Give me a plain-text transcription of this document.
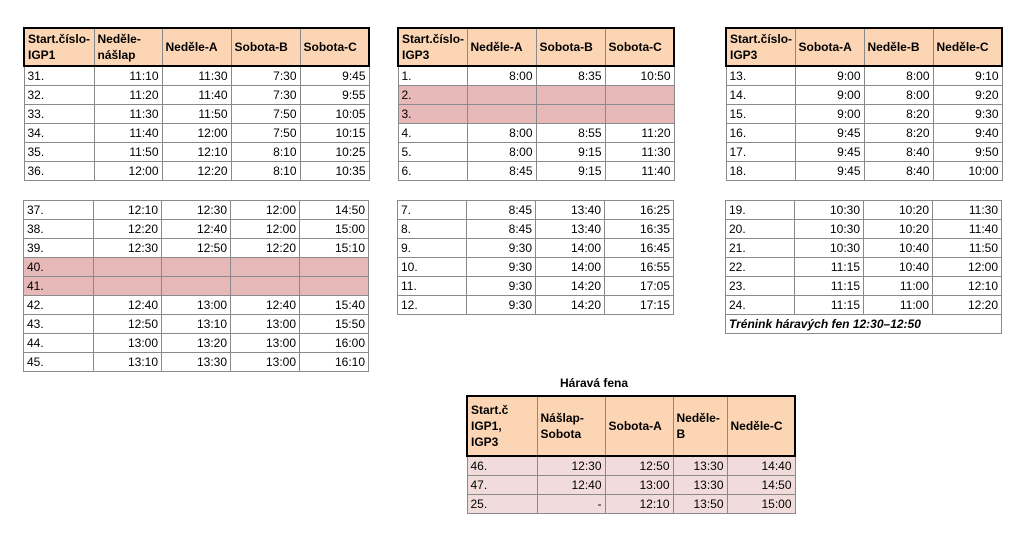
Start.číslo-
IGP1	Neděle-
nášlap	Neděle-A	Sobota-B	Sobota-C
31.	11:10	11:30	7:30	9:45
32.	11:20	11:40	7:30	9:55
33.	11:30	11:50	7:50	10:05
34.	11:40	12:00	7:50	10:15
35.	11:50	12:10	8:10	10:25
36.	12:00	12:20	8:10	10:35
Start.číslo-
IGP3	Neděle-A	Sobota-B	Sobota-C
1.	8:00	8:35	10:50
2.			
3.			
4.	8:00	8:55	11:20
5.	8:00	9:15	11:30
6.	8:45	9:15	11:40
Start.číslo-
IGP3	Sobota-A	Neděle-B	Neděle-C
13.	9:00	8:00	9:10
14.	9:00	8:00	9:20
15.	9:00	8:20	9:30
16.	9:45	8:20	9:40
17.	9:45	8:40	9:50
18.	9:45	8:40	10:00
37.	12:10	12:30	12:00	14:50
38.	12:20	12:40	12:00	15:00
39.	12:30	12:50	12:20	15:10
40.				
41.				
42.	12:40	13:00	12:40	15:40
43.	12:50	13:10	13:00	15:50
44.	13:00	13:20	13:00	16:00
45.	13:10	13:30	13:00	16:10
7.	8:45	13:40	16:25
8.	8:45	13:40	16:35
9.	9:30	14:00	16:45
10.	9:30	14:00	16:55
11.	9:30	14:20	17:05
12.	9:30	14:20	17:15
19.	10:30	10:20	11:30
20.	10:30	10:20	11:40
21.	10:30	10:40	11:50
22.	11:15	10:40	12:00
23.	11:15	11:00	12:10
24.	11:15	11:00	12:20
Trénink háravých fen 12:30–12:50			
Háravá fena
Start.č
IGP1,
IGP3	Nášlap-
Sobota	Sobota-A	Neděle-B	Neděle-C
46.	12:30	12:50	13:30	14:40
47.	12:40	13:00	13:30	14:50
25.	-	12:10	13:50	15:00
